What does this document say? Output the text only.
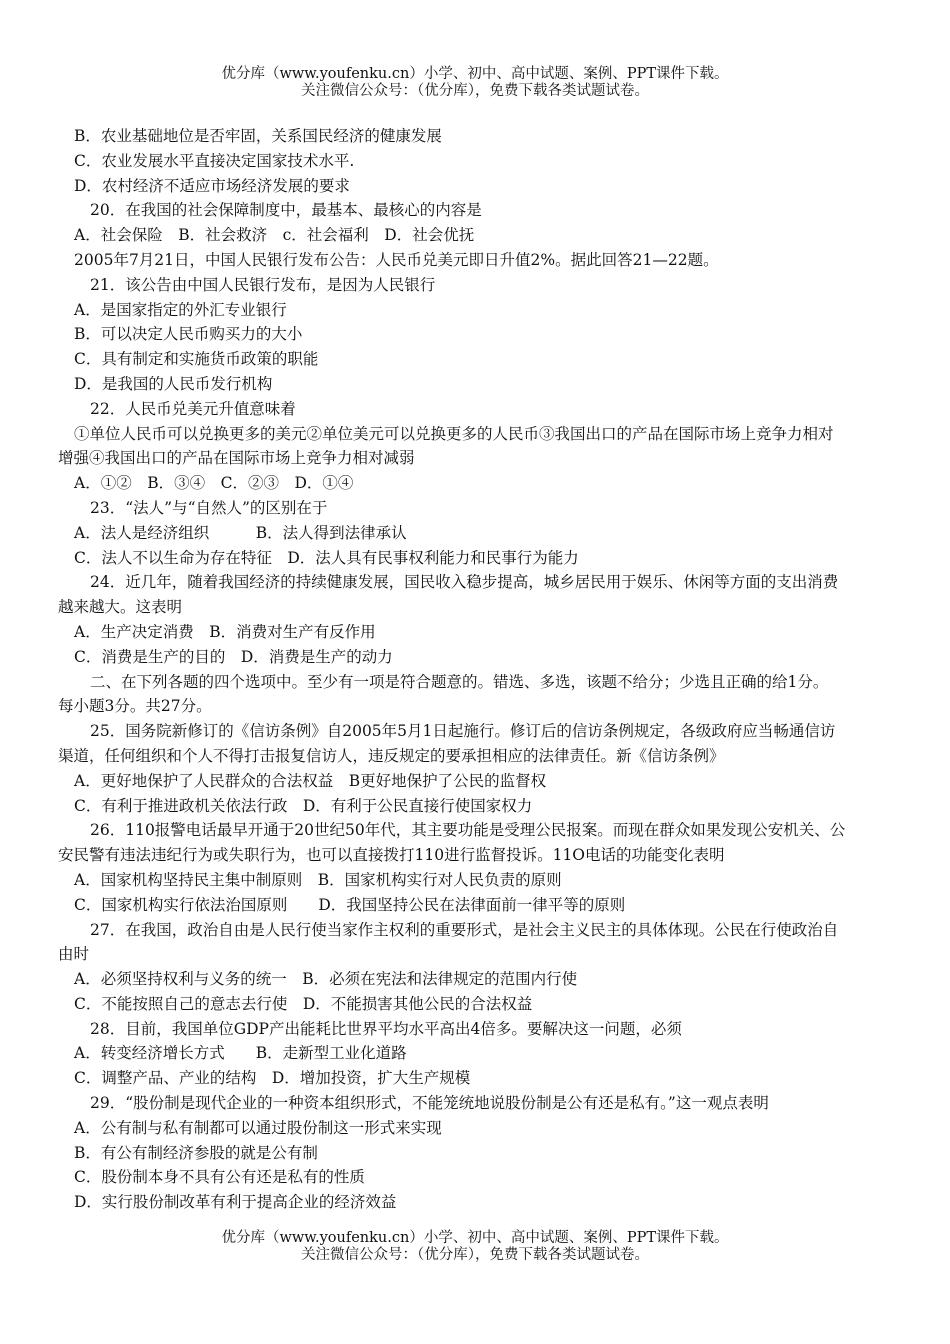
优分库（www.youfenku.cn）小学、初中、高中试题、案例、PPT课件下载。
关注微信公众号：（优分库），免费下载各类试题试卷。
B．农业基础地位是否牢固，关系国民经济的健康发展
C．农业发展水平直接决定国家技术水平.
D．农村经济不适应市场经济发展的要求
20．在我国的社会保障制度中，最基本、最核心的内容是
A．社会保险　B．社会救济　c．社会福利　D．社会优抚
2005年7月21日，中国人民银行发布公告：人民币兑美元即日升值2%。据此回答21—22题。
21．该公告由中国人民银行发布，是因为人民银行
A．是国家指定的外汇专业银行
B．可以决定人民币购买力的大小
C．具有制定和实施货币政策的职能
D．是我国的人民币发行机构
22．人民币兑美元升值意味着
①单位人民币可以兑换更多的美元②单位美元可以兑换更多的人民币③我国出口的产品在国际市场上竞争力相对
增强④我国出口的产品在国际市场上竞争力相对减弱
A．①②　B．③④　C．②③　D．①④
23．“法人”与“自然人”的区别在于
A．法人是经济组织　　　B．法人得到法律承认
C．法人不以生命为存在特征　D．法人具有民事权利能力和民事行为能力
24．近几年，随着我国经济的持续健康发展，国民收入稳步提高，城乡居民用于娱乐、休闲等方面的支出消费
越来越大。这表明
A．生产决定消费　B．消费对生产有反作用
C．消费是生产的目的　D．消费是生产的动力
二、在下列各题的四个选项中。至少有一项是符合题意的。错选、多选，该题不给分；少选且正确的给1分。
每小题3分。共27分。
25．国务院新修订的《信访条例》自2005年5月1日起施行。修订后的信访条例规定，各级政府应当畅通信访
渠道，任何组织和个人不得打击报复信访人，违反规定的要承担相应的法律责任。新《信访条例》
A．更好地保护了人民群众的合法权益　B更好地保护了公民的监督权
C．有利于推进政机关依法行政　D．有利于公民直接行使国家权力
26．110报警电话最早开通于20世纪50年代，其主要功能是受理公民报案。而现在群众如果发现公安机关、公
安民警有违法违纪行为或失职行为，也可以直接拨打110进行监督投诉。11O电话的功能变化表明
A．国家机构坚持民主集中制原则　B．国家机构实行对人民负责的原则
C．国家机构实行依法治国原则　　D．我国坚持公民在法律面前一律平等的原则
27．在我国，政治自由是人民行使当家作主权利的重要形式，是社会主义民主的具体体现。公民在行使政治自
由时
A．必须坚持权利与义务的统一　B．必须在宪法和法律规定的范围内行使
C．不能按照自己的意志去行使　D．不能损害其他公民的合法权益
28．目前，我国单位GDP产出能耗比世界平均水平高出4倍多。要解决这一问题，必须
A．转变经济增长方式　　B．走新型工业化道路
C．调整产品、产业的结构　D．增加投资，扩大生产规模
29．“股份制是现代企业的一种资本组织形式，不能笼统地说股份制是公有还是私有。”这一观点表明
A．公有制与私有制都可以通过股份制这一形式来实现
B．有公有制经济参股的就是公有制
C．股份制本身不具有公有还是私有的性质
D．实行股份制改革有利于提高企业的经济效益
优分库（www.youfenku.cn）小学、初中、高中试题、案例、PPT课件下载。
关注微信公众号：（优分库），免费下载各类试题试卷。
